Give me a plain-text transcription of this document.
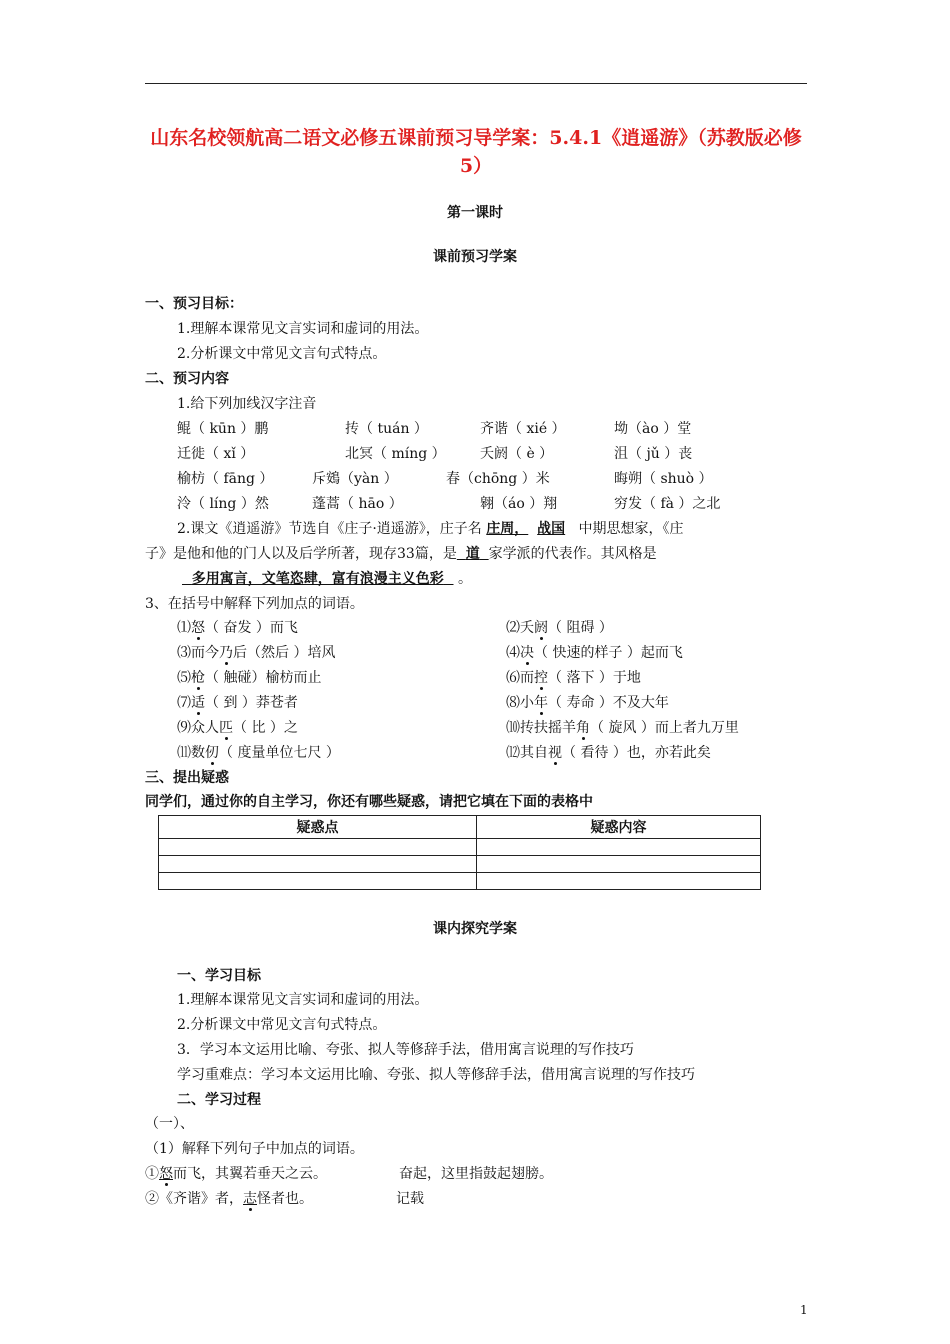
山东名校领航高二语文必修五课前预习导学案：5.4.1《逍遥游》（苏教版必修5）
第一课时
课前预习学案
一、预习目标：
1.理解本课常见文言实词和虚词的用法。
2.分析课文中常见文言句式特点。
二、预习内容
1.给下列加线汉字注音
鲲（ kūn ）鹏	抟（ tuán ）	齐谐（ xié ）	坳（ào ）堂
迁徙（ xǐ ）	北冥（ míng ） 夭阏（ è ）	沮（ jǔ ）丧
榆枋（ fāng ）	斥鴳（yàn ）	春（chōng ）米	晦朔（ shuò ）
泠（ líng ）然	蓬蒿（ hāo ）	翱（áo ）翔	穷发（ fà ）之北
2.课文《逍遥游》节选自《庄子·逍遥游》，庄子名 庄周， 战国 中期思想家，《庄
子》是他和他的门人以及后学所著，现存33篇，是 道 家学派的代表作。其风格是
多用寓言，文笔恣肆，富有浪漫主义色彩 。
3、在括号中解释下列加点的词语。
⑴怒（ 奋发 ）而飞	⑵夭阏（ 阻碍 ）
⑶而今乃后（然后 ）培风	⑷决（ 快速的样子 ）起而飞
⑸枪（ 触碰）榆枋而止	⑹而控（ 落下 ）于地
⑺适（ 到 ）莽苍者	⑻小年（ 寿命 ）不及大年
⑼众人匹（ 比 ）之	⑽抟扶摇羊角（ 旋风 ）而上者九万里
⑾数仞（ 度量单位七尺 ）	⑿其自视（ 看待 ）也，亦若此矣
三、提出疑惑
同学们，通过你的自主学习，你还有哪些疑惑，请把它填在下面的表格中
疑惑点	疑惑内容

课内探究学案
一、学习目标
1.理解本课常见文言实词和虚词的用法。
2.分析课文中常见文言句式特点。
3．学习本文运用比喻、夸张、拟人等修辞手法，借用寓言说理的写作技巧
学习重难点：学习本文运用比喻、夸张、拟人等修辞手法，借用寓言说理的写作技巧
二、学习过程
（一）、
（1）解释下列句子中加点的词语。
①怒而飞，其翼若垂天之云。	奋起，这里指鼓起翅膀。
②《齐谐》者，志怪者也。	记载
1
